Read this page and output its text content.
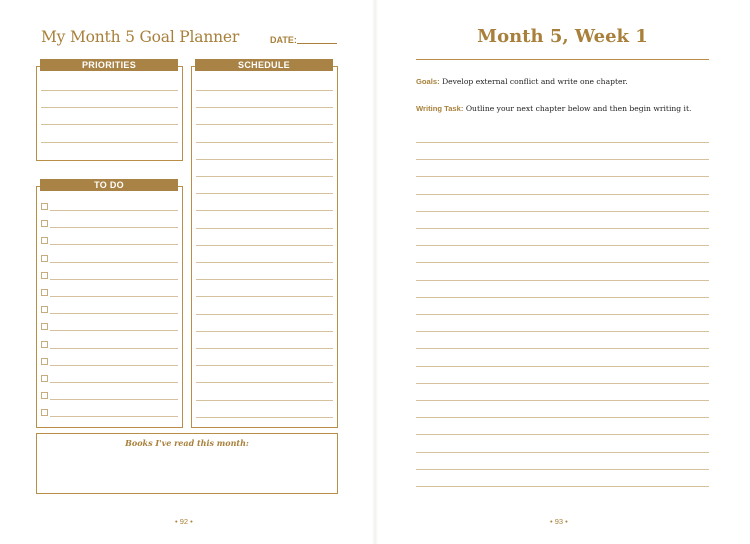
My Month 5 Goal Planner	DATE:
PRIORITIES	SCHEDULE
TO DO
Books I've read this month:
• 92 •
Month 5, Week 1
• 93 •
Goals: Develop external conflict and write one chapter.
Writing Task: Outline your next chapter below and then begin writing it.
